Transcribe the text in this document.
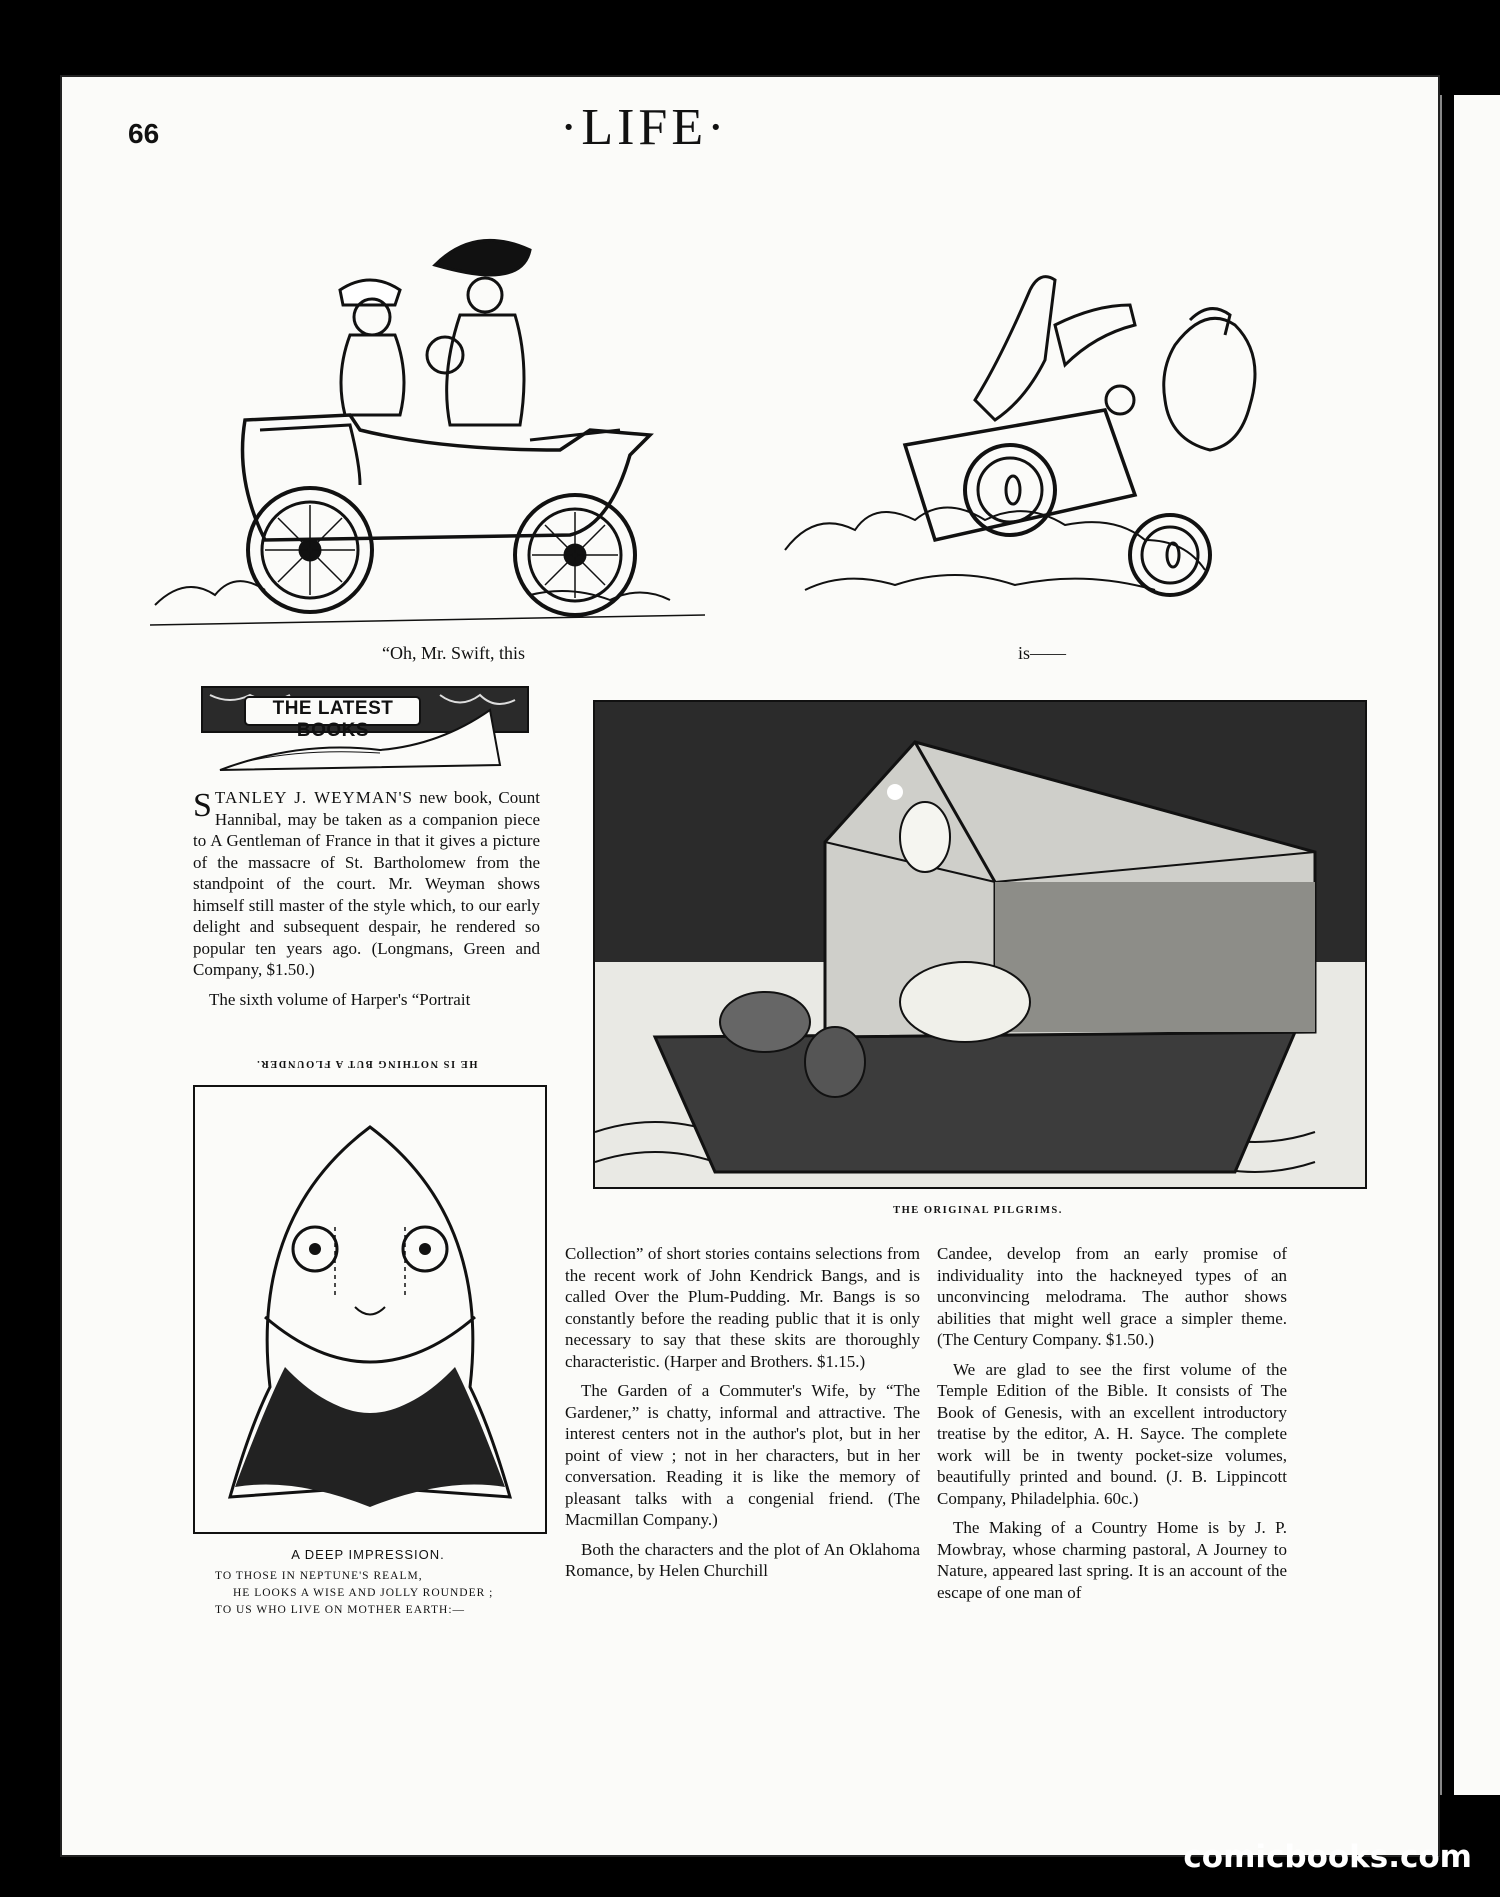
66	·LIFE·
“Oh, Mr. Swift, this	is——
THE LATEST BOOKS

STANLEY J. WEYMAN'S new book, Count Hannibal, may be taken as a companion piece to A Gentleman of France in that it gives a picture of the massacre of St. Bartholomew from the standpoint of the court. Mr. Weyman shows himself still master of the style which, to our early delight and subsequent despair, he rendered so popular ten years ago. (Longmans, Green and Company, $1.50.)

The sixth volume of Harper's “Portrait

THE ORIGINAL PILGRIMS.
HE IS NOTHING BUT A FLOUNDER.
A DEEP IMPRESSION.
TO THOSE IN NEPTUNE'S REALM,
HE LOOKS A WISE AND JOLLY ROUNDER ;
TO US WHO LIVE ON MOTHER EARTH:—

Collection” of short stories contains selections from the recent work of John Kendrick Bangs, and is called Over the Plum-Pudding. Mr. Bangs is so constantly before the reading public that it is only necessary to say that these skits are thoroughly characteristic. (Harper and Brothers. $1.15.)

The Garden of a Commuter's Wife, by “The Gardener,” is chatty, informal and attractive. The interest centers not in the author's plot, but in her point of view ; not in her characters, but in her conversation. Reading it is like the memory of pleasant talks with a congenial friend. (The Macmillan Company.)

Both the characters and the plot of An Oklahoma Romance, by Helen Churchill

Candee, develop from an early promise of individuality into the hackneyed types of an unconvincing melodrama. The author shows abilities that might well grace a simpler theme. (The Century Company. $1.50.)

We are glad to see the first volume of the Temple Edition of the Bible. It consists of The Book of Genesis, with an excellent introductory treatise by the editor, A. H. Sayce. The complete work will be in twenty pocket-size volumes, beautifully printed and bound. (J. B. Lippincott Company, Philadelphia. 60c.)

The Making of a Country Home is by J. P. Mowbray, whose charming pastoral, A Journey to Nature, appeared last spring. It is an account of the escape of one man of

comicbooks.com
